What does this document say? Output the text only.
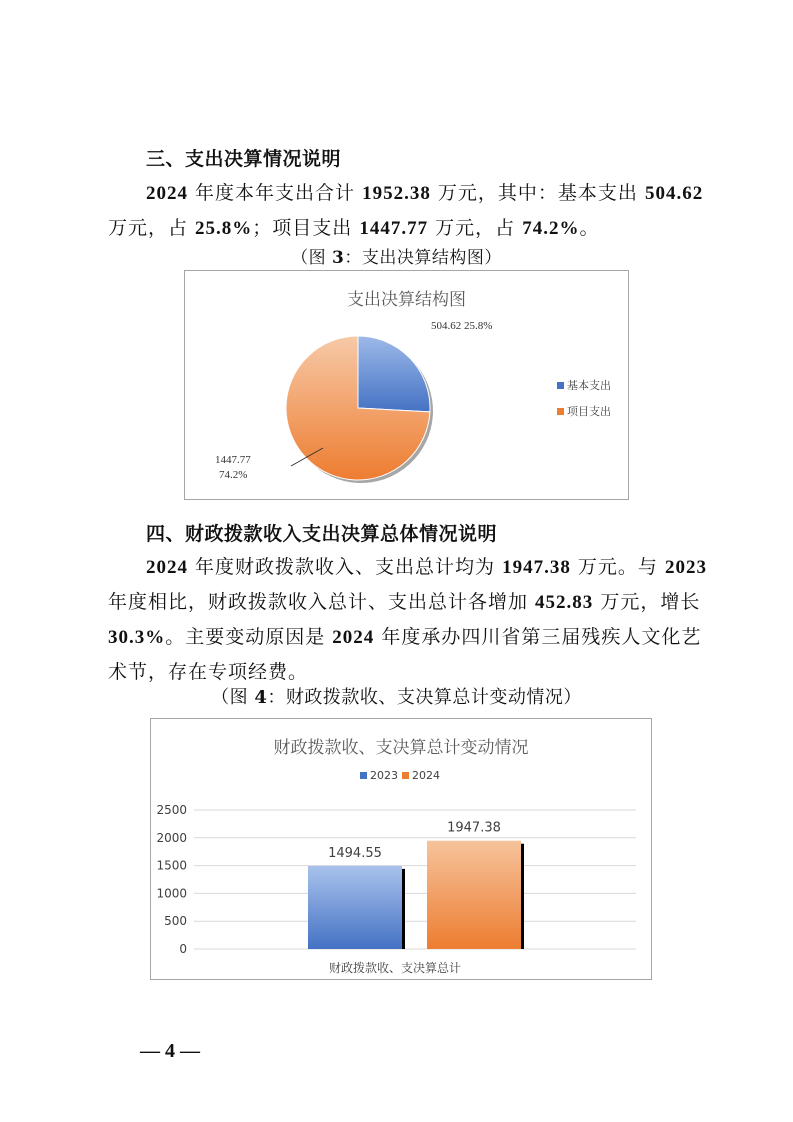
三、支出决算情况说明
2024 年度本年支出合计 1952.38 万元，其中：基本支出 504.62
万元，占 25.8%；项目支出 1447.77 万元，占 74.2%。
（图 3：支出决算结构图）
支出决算结构图
504.62 25.8%
1447.77
74.2%
基本支出
项目支出
四、财政拨款收入支出决算总体情况说明
2024 年度财政拨款收入、支出总计均为 1947.38 万元。与 2023
年度相比，财政拨款收入总计、支出总计各增加 452.83 万元，增长
30.3%。主要变动原因是 2024 年度承办四川省第三届残疾人文化艺
术节，存在专项经费。
（图 4：财政拨款收、支决算总计变动情况）
财政拨款收、支决算总计变动情况
2023	2024
0
500
1000
1500
2000
2500
1494.55
1947.38
财政拨款收、支决算总计
— 4 —
